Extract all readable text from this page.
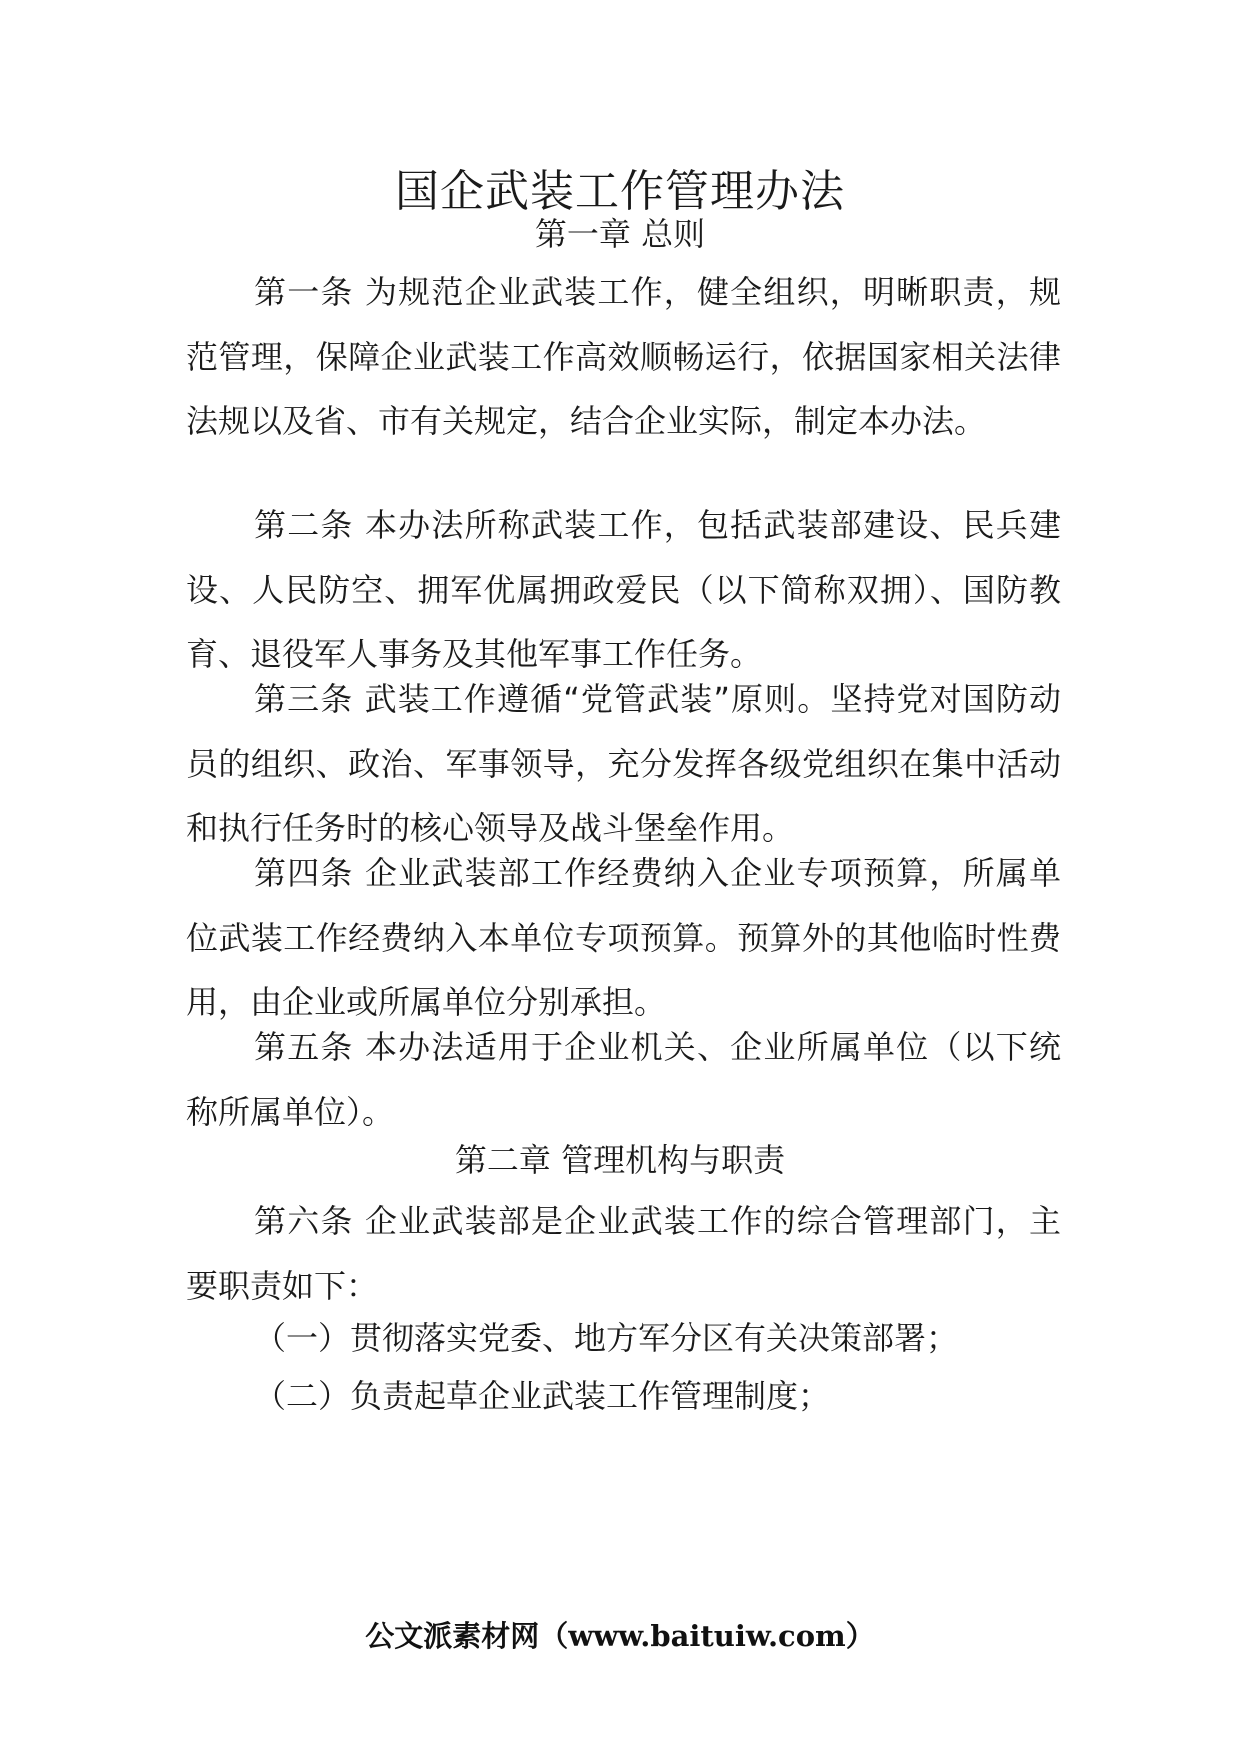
国企武装工作管理办法
第一章 总则

第一条 为规范企业武装工作，健全组织，明晰职责，规范管理，保障企业武装工作高效顺畅运行，依据国家相关法律法规以及省、市有关规定，结合企业实际，制定本办法。

第二条 本办法所称武装工作，包括武装部建设、民兵建设、人民防空、拥军优属拥政爱民（以下简称双拥）、国防教育、退役军人事务及其他军事工作任务。

第三条 武装工作遵循“党管武装”原则。坚持党对国防动员的组织、政治、军事领导，充分发挥各级党组织在集中活动和执行任务时的核心领导及战斗堡垒作用。

第四条 企业武装部工作经费纳入企业专项预算，所属单位武装工作经费纳入本单位专项预算。预算外的其他临时性费用，由企业或所属单位分别承担。

第五条 本办法适用于企业机关、企业所属单位（以下统称所属单位）。

第二章 管理机构与职责

第六条 企业武装部是企业武装工作的综合管理部门，主要职责如下：

（一）贯彻落实党委、地方军分区有关决策部署；

（二）负责起草企业武装工作管理制度；

公文派素材网（www.baituiw.com）
